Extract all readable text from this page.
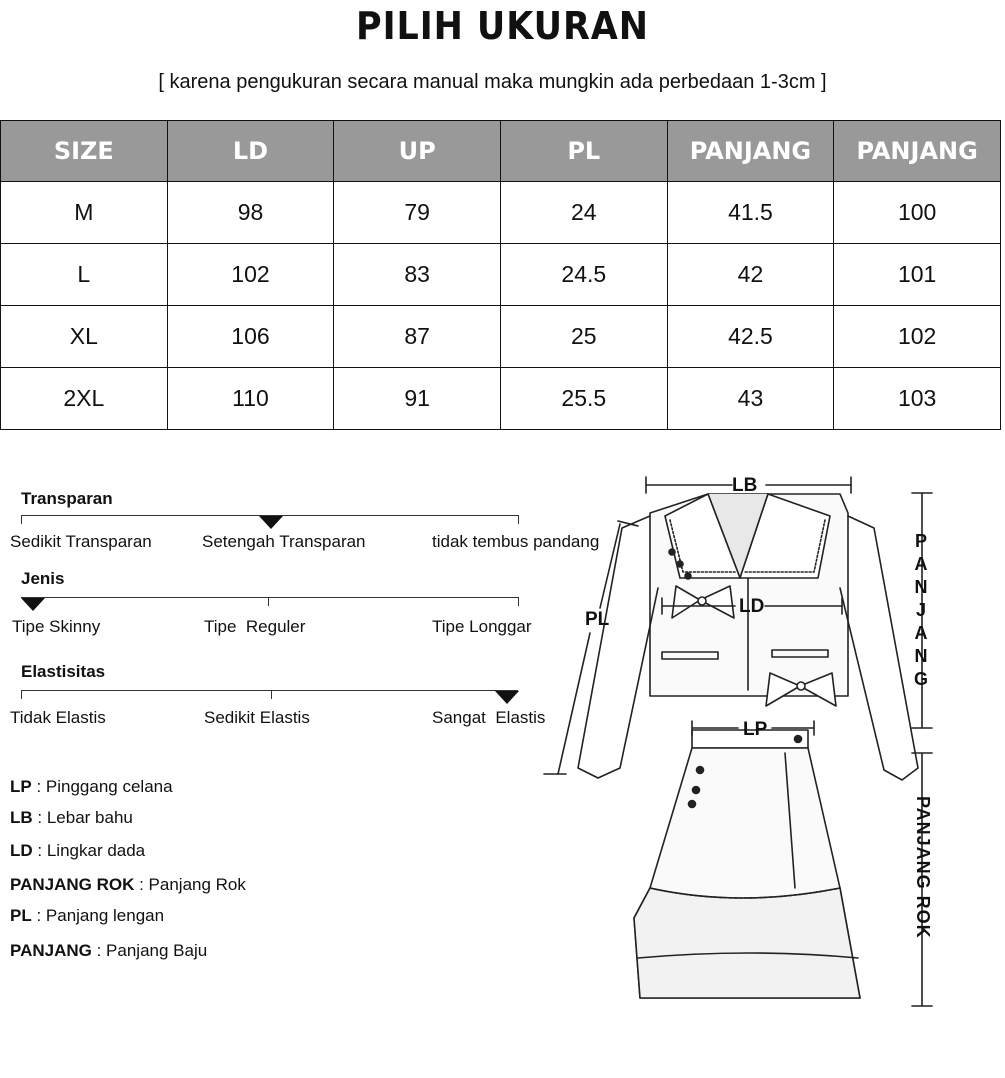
PILIH UKURAN
[ karena pengukuran secara manual maka mungkin ada perbedaan 1-3cm ]
SIZE	LD	UP	PL	PANJANG	PANJANG
M	98	79	24	41.5	100
L	102	83	24.5	42	101
XL	106	87	25	42.5	102
2XL	110	91	25.5	43	103
Transparan
Sedikit Transparan	Setengah Transparan	tidak tembus pandang
Jenis
Tipe Skinny	Tipe  Reguler	Tipe Longgar
Elastisitas
Tidak Elastis	Sedikit Elastis	Sangat  Elastis
LP : Pinggang celana
LB : Lebar bahu
LD : Lingkar dada
PANJANG ROK : Panjang Rok
PL : Panjang lengan
PANJANG : Panjang Baju
LB
LD
LP
PL
P
A
N
J
A
N
G
PANJANG ROK
